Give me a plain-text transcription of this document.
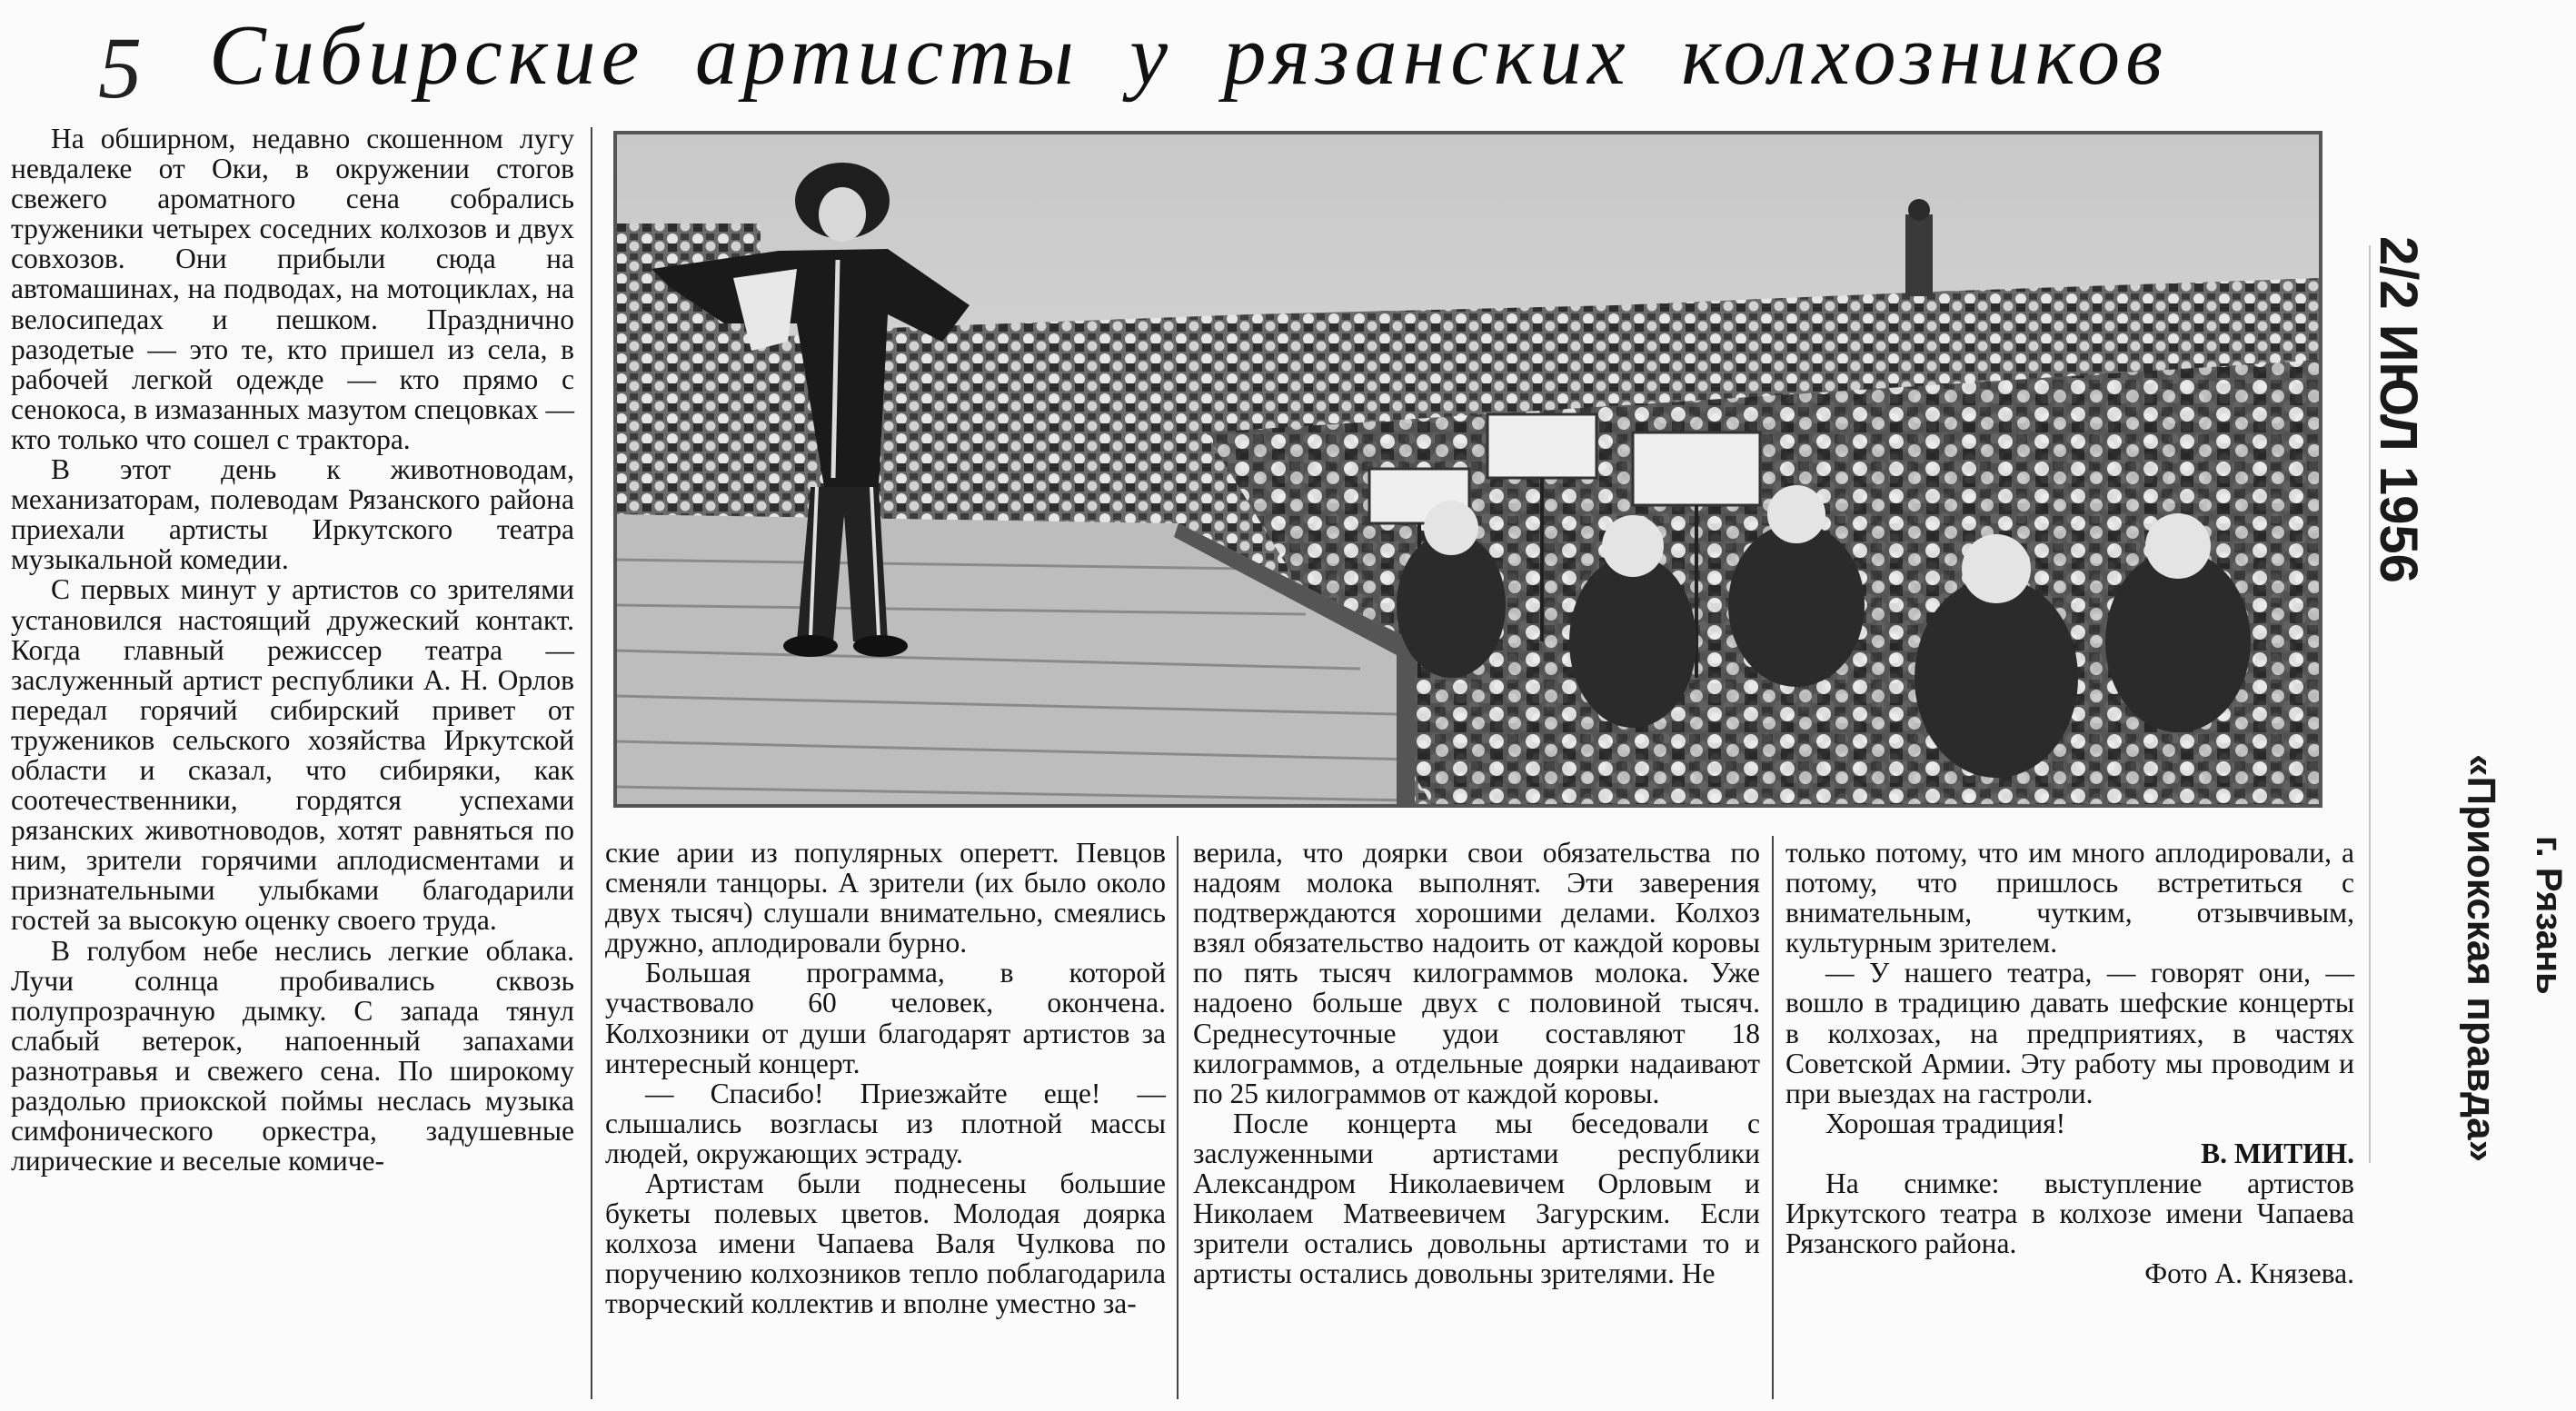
5 Сибирские артисты у рязанских колхозников

На обширном, недавно скошенном лугу невдалеке от Оки, в окружении стогов свежего ароматного сена собрались труженики четырех соседних колхозов и двух совхозов. Они прибыли сюда на автомашинах, на подводах, на мотоциклах, на велосипедах и пешком. Празднично разодетые — это те, кто пришел из села, в рабочей легкой одежде — кто прямо с сенокоса, в измазанных мазутом спецовках — кто только что сошел с трактора.

В этот день к животноводам, механизаторам, полеводам Рязанского района приехали артисты Иркутского театра музыкальной комедии.

С первых минут у артистов со зрителями установился настоящий дружеский контакт. Когда главный режиссер театра — заслуженный артист республики А. Н. Орлов передал горячий сибирский привет от тружеников сельского хозяйства Иркутской области и сказал, что сибиряки, как соотечественники, гордятся успехами рязанских животноводов, хотят равняться по ним, зрители горячими аплодисментами и признательными улыбками благодарили гостей за высокую оценку своего труда.

В голубом небе неслись легкие облака. Лучи солнца пробивались сквозь полупрозрачную дымку. С запада тянул слабый ветерок, напоенный запахами разнотравья и свежего сена. По широкому раздолью приокской поймы неслась музыка симфонического оркестра, задушевные лирические и веселые комиче-

ские арии из популярных оперетт. Певцов сменяли танцоры. А зрители (их было около двух тысяч) слушали внимательно, смеялись дружно, аплодировали бурно.

Большая программа, в которой участвовало 60 человек, окончена. Колхозники от души благодарят артистов за интересный концерт.

— Спасибо! Приезжайте еще! — слышались возгласы из плотной массы людей, окружающих эстраду.

Артистам были поднесены большие букеты полевых цветов. Молодая доярка колхоза имени Чапаева Валя Чулкова по поручению колхозников тепло поблагодарила творческий коллектив и вполне уместно за-

верила, что доярки свои обязательства по надоям молока выполнят. Эти заверения подтверждаются хорошими делами. Колхоз взял обязательство надоить от каждой коровы по пять тысяч килограммов молока. Уже надоено больше двух с половиной тысяч. Среднесуточные удои составляют 18 килограммов, а отдельные доярки надаивают по 25 килограммов от каждой коровы.

После концерта мы беседовали с заслуженными артистами республики Александром Николаевичем Орловым и Николаем Матвеевичем Загурским. Если зрители остались довольны артистами то и артисты остались довольны зрителями. Не

только потому, что им много аплодировали, а потому, что пришлось встретиться с внимательным, чутким, отзывчивым, культурным зрителем.

— У нашего театра, — говорят они, — вошло в традицию давать шефские концерты в колхозах, на предприятиях, в частях Советской Армии. Эту работу мы проводим и при выездах на гастроли.

Хорошая традиция!

В. МИТИН.

На снимке: выступление артистов Иркутского театра в колхозе имени Чапаева Рязанского района.

Фото А. Князева.

2/2 ИЮЛ 1956
«Приокская правда» г. Рязань
